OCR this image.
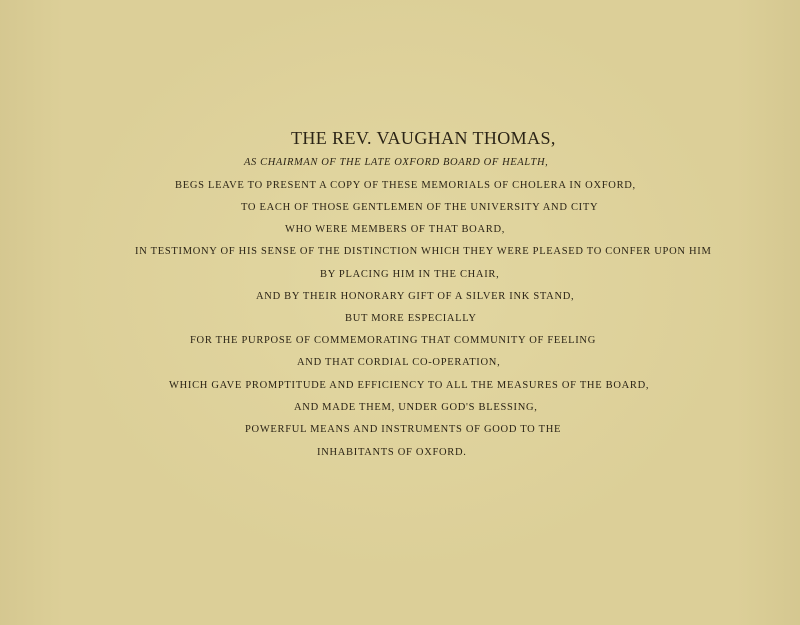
THE REV. VAUGHAN THOMAS,
AS CHAIRMAN OF THE LATE OXFORD BOARD OF HEALTH,
BEGS LEAVE TO PRESENT A COPY OF THESE MEMORIALS OF CHOLERA IN OXFORD,
TO EACH OF THOSE GENTLEMEN OF THE UNIVERSITY AND CITY
WHO WERE MEMBERS OF THAT BOARD,
IN TESTIMONY OF HIS SENSE OF THE DISTINCTION WHICH THEY WERE PLEASED TO CONFER UPON HIM
BY PLACING HIM IN THE CHAIR,
AND BY THEIR HONORARY GIFT OF A SILVER INK STAND,
BUT MORE ESPECIALLY
FOR THE PURPOSE OF COMMEMORATING THAT COMMUNITY OF FEELING
AND THAT CORDIAL CO-OPERATION,
WHICH GAVE PROMPTITUDE AND EFFICIENCY TO ALL THE MEASURES OF THE BOARD,
AND MADE THEM, UNDER GOD'S BLESSING,
POWERFUL MEANS AND INSTRUMENTS OF GOOD TO THE
INHABITANTS OF OXFORD.
